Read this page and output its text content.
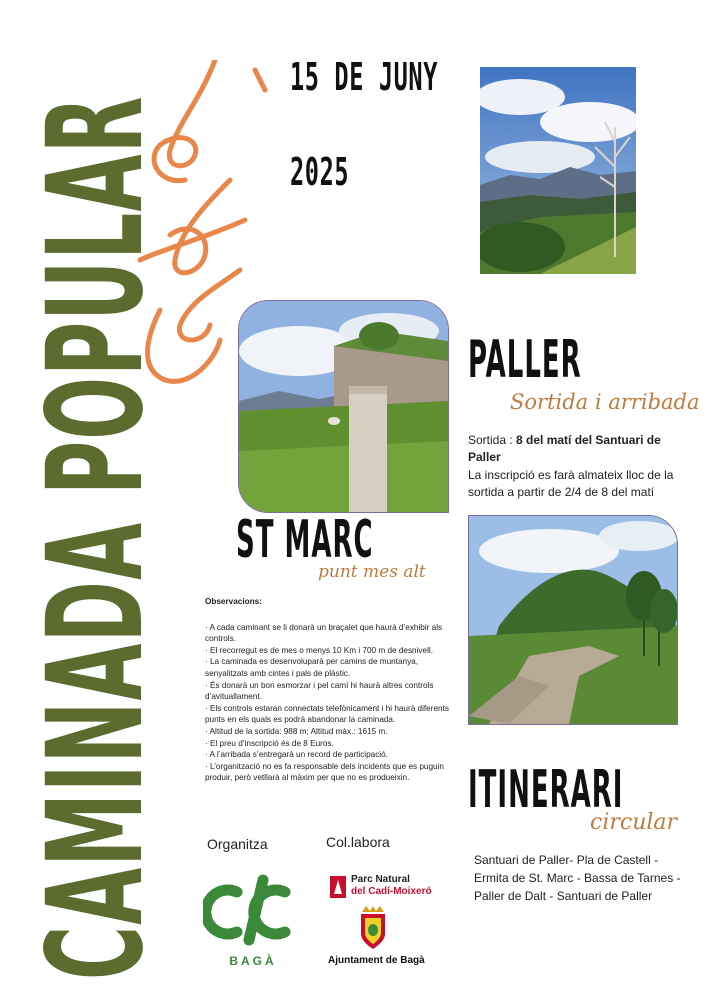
CAMINADA POPULAR
15 DE JUNY
2025
PALLER
Sortida i arribada
Sortida : 8 del matí del Santuari de Paller
La inscripció es farà almateix lloc de la sortida a partir de 2/4 de 8 del matí
ST MARC
punt mes alt

Observacions:

· A cada caminant se li donarà un braçalet que haurà d’exhibir als controls.

· El recorregut es de mes o menys 10 Km i 700 m de desnivell.

· La caminada es desenvoluparà per camins de muntanya, senyalitzats amb cintes i pals de plàstic.

· És donarà un bon esmorzar i pel camí hi haurà altres controls d’avituallament.

· Els controls estaran connectats telefònicament i hi haurà diferents punts en els quals es podrà abandonar la caminada.

· Altitud de la sortida: 988 m; Altitud màx.: 1615 m.

· El preu d’inscripció és de 8 Euros.

· A l’arribada s’entregarà un record de participació.

· L’organització no es fa responsable dels incidents que es puguin produir, però vetllarà al màxim per que no es produeixin.	ITINERARI
circular
Santuari de Paller- Pla de Castell - Ermita de St. Marc - Bassa de Tarnes - Paller de Dalt - Santuari de Paller
Organitza	Col.labora
BAGÀ
Parc Natural
del Cadí-Moixeró
Ajuntament de Bagà
